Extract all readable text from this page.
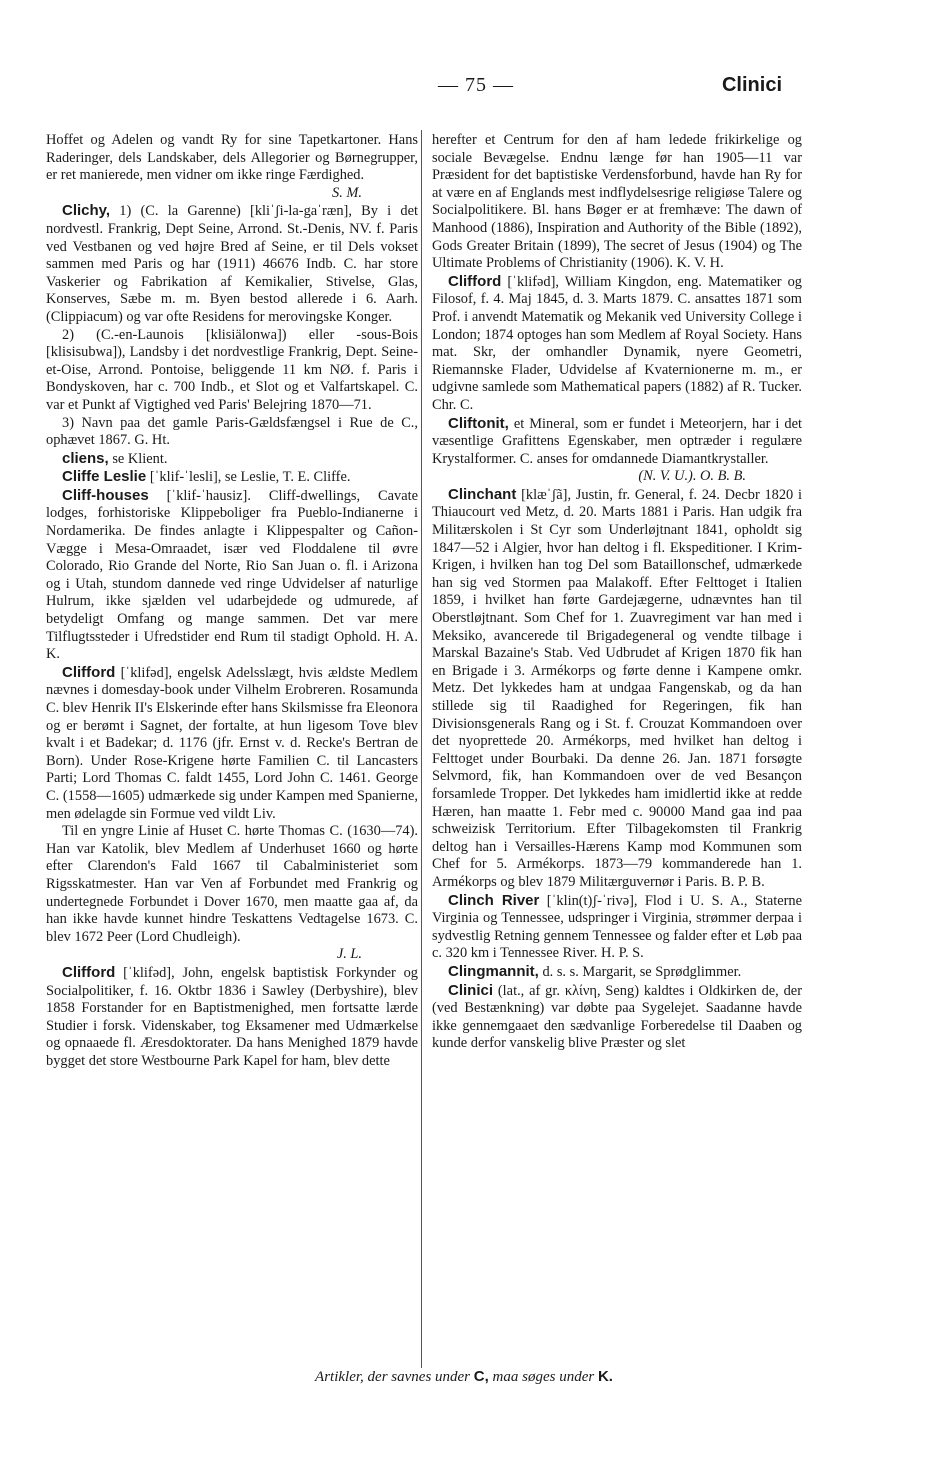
— 75 —	Clinici

Hoffet og Adelen og vandt Ry for sine Tapetkartoner. Hans Raderinger, dels Landskaber, dels Allegorier og Børnegrupper, er ret manierede, men vidner om ikke ringe Færdighed.

S. M.

Clichy, 1) (C. la Garenne) [kliˈʃi-la-gaˈræn], By i det nordvestl. Frankrig, Dept Seine, Arrond. St.-Denis, NV. f. Paris ved Vestbanen og ved højre Bred af Seine, er til Dels vokset sammen med Paris og har (1911) 46676 Indb. C. har store Vaskerier og Fabrikation af Kemikalier, Stivelse, Glas, Konserves, Sæbe m. m. Byen bestod allerede i 6. Aarh. (Clippiacum) og var ofte Residens for merovingske Konger.

2) (C.-en-Launois [klisiälonwa]) eller -sous-Bois [klisisubwa]), Landsby i det nordvestlige Frankrig, Dept. Seine-et-Oise, Arrond. Pontoise, beliggende 11 km NØ. f. Paris i Bondyskoven, har c. 700 Indb., et Slot og et Valfartskapel. C. var et Punkt af Vigtighed ved Paris' Belejring 1870—71.

3) Navn paa det gamle Paris-Gældsfængsel i Rue de C., ophævet 1867. G. Ht.

cliens, se Klient.

Cliffe Leslie [ˈklif-ˈlesli], se Leslie, T. E. Cliffe.

Cliff-houses [ˈklif-ˈhausiz]. Cliff-dwellings, Cavate lodges, forhistoriske Klippeboliger fra Pueblo-Indianerne i Nordamerika. De findes anlagte i Klippespalter og Cañon-Vægge i Mesa-Omraadet, især ved Floddalene til øvre Colorado, Rio Grande del Norte, Rio San Juan o. fl. i Arizona og i Utah, stundom dannede ved ringe Udvidelser af naturlige Hulrum, ikke sjælden vel udarbejdede og udmurede, af betydeligt Omfang og mange sammen. Det var mere Tilflugtssteder i Ufredstider end Rum til stadigt Ophold. H. A. K.

Clifford [ˈklifəd], engelsk Adelsslægt, hvis ældste Medlem nævnes i domesday-book under Vilhelm Erobreren. Rosamunda C. blev Henrik II's Elskerinde efter hans Skilsmisse fra Eleonora og er berømt i Sagnet, der fortalte, at hun ligesom Tove blev kvalt i et Badekar; d. 1176 (jfr. Ernst v. d. Recke's Bertran de Born). Under Rose-Krigene hørte Familien C. til Lancasters Parti; Lord Thomas C. faldt 1455, Lord John C. 1461. George C. (1558—1605) udmærkede sig under Kampen med Spanierne, men ødelagde sin Formue ved vildt Liv.

Til en yngre Linie af Huset C. hørte Thomas C. (1630—74). Han var Katolik, blev Medlem af Underhuset 1660 og hørte efter Clarendon's Fald 1667 til Cabalministeriet som Rigsskatmester. Han var Ven af Forbundet med Frankrig og undertegnede Forbundet i Dover 1670, men maatte gaa af, da han ikke havde kunnet hindre Teskattens Vedtagelse 1673. C. blev 1672 Peer (Lord Chudleigh).

J. L.

Clifford [ˈklifəd], John, engelsk baptistisk Forkynder og Socialpolitiker, f. 16. Oktbr 1836 i Sawley (Derbyshire), blev 1858 Forstander for en Baptistmenighed, men fortsatte lærde Studier i forsk. Videnskaber, tog Eksamener med Udmærkelse og opnaaede fl. Æresdoktorater. Da hans Menighed 1879 havde bygget det store Westbourne Park Kapel for ham, blev dette

herefter et Centrum for den af ham ledede frikirkelige og sociale Bevægelse. Endnu længe før han 1905—11 var Præsident for det baptistiske Verdensforbund, havde han Ry for at være en af Englands mest indflydelsesrige religiøse Talere og Socialpolitikere. Bl. hans Bøger er at fremhæve: The dawn of Manhood (1886), Inspiration and Authority of the Bible (1892), Gods Greater Britain (1899), The secret of Jesus (1904) og The Ultimate Problems of Christianity (1906). K. V. H.

Clifford [ˈklifəd], William Kingdon, eng. Matematiker og Filosof, f. 4. Maj 1845, d. 3. Marts 1879. C. ansattes 1871 som Prof. i anvendt Matematik og Mekanik ved University College i London; 1874 optoges han som Medlem af Royal Society. Hans mat. Skr, der omhandler Dynamik, nyere Geometri, Riemannske Flader, Udvidelse af Kvaternionerne m. m., er udgivne samlede som Mathematical papers (1882) af R. Tucker. Chr. C.

Cliftonit, et Mineral, som er fundet i Meteorjern, har i det væsentlige Grafittens Egenskaber, men optræder i regulære Krystalformer. C. anses for omdannede Diamantkrystaller.

(N. V. U.). O. B. B.

Clinchant [klæˈʃã], Justin, fr. General, f. 24. Decbr 1820 i Thiaucourt ved Metz, d. 20. Marts 1881 i Paris. Han udgik fra Militærskolen i St Cyr som Underløjtnant 1841, opholdt sig 1847—52 i Algier, hvor han deltog i fl. Ekspeditioner. I Krim-Krigen, i hvilken han tog Del som Bataillonschef, udmærkede han sig ved Stormen paa Malakoff. Efter Felttoget i Italien 1859, i hvilket han førte Gardejægerne, udnævntes han til Oberstløjtnant. Som Chef for 1. Zuavregiment var han med i Meksiko, avancerede til Brigadegeneral og vendte tilbage i Marskal Bazaine's Stab. Ved Udbrudet af Krigen 1870 fik han en Brigade i 3. Armékorps og førte denne i Kampene omkr. Metz. Det lykkedes ham at undgaa Fangenskab, og da han stillede sig til Raadighed for Regeringen, fik han Divisionsgenerals Rang og i St. f. Crouzat Kommandoen over det nyoprettede 20. Armékorps, med hvilket han deltog i Felttoget under Bourbaki. Da denne 26. Jan. 1871 forsøgte Selvmord, fik, han Kommandoen over de ved Besançon forsamlede Tropper. Det lykkedes ham imidlertid ikke at redde Hæren, han maatte 1. Febr med c. 90000 Mand gaa ind paa schweizisk Territorium. Efter Tilbagekomsten til Frankrig deltog han i Versailles-Hærens Kamp mod Kommunen som Chef for 5. Armékorps. 1873—79 kommanderede han 1. Armékorps og blev 1879 Militærguvernør i Paris. B. P. B.

Clinch River [ˈklin(t)ʃ-ˈrivə], Flod i U. S. A., Staterne Virginia og Tennessee, udspringer i Virginia, strømmer derpaa i sydvestlig Retning gennem Tennessee og falder efter et Løb paa c. 320 km i Tennessee River. H. P. S.

Clingmannit, d. s. s. Margarit, se Sprødglimmer.

Clinici (lat., af gr. κλίνη, Seng) kaldtes i Oldkirken de, der (ved Bestænkning) var døbte paa Sygelejet. Saadanne havde ikke gennemgaaet den sædvanlige Forberedelse til Daaben og kunde derfor vanskelig blive Præster og slet

Artikler, der savnes under C, maa søges under K.
